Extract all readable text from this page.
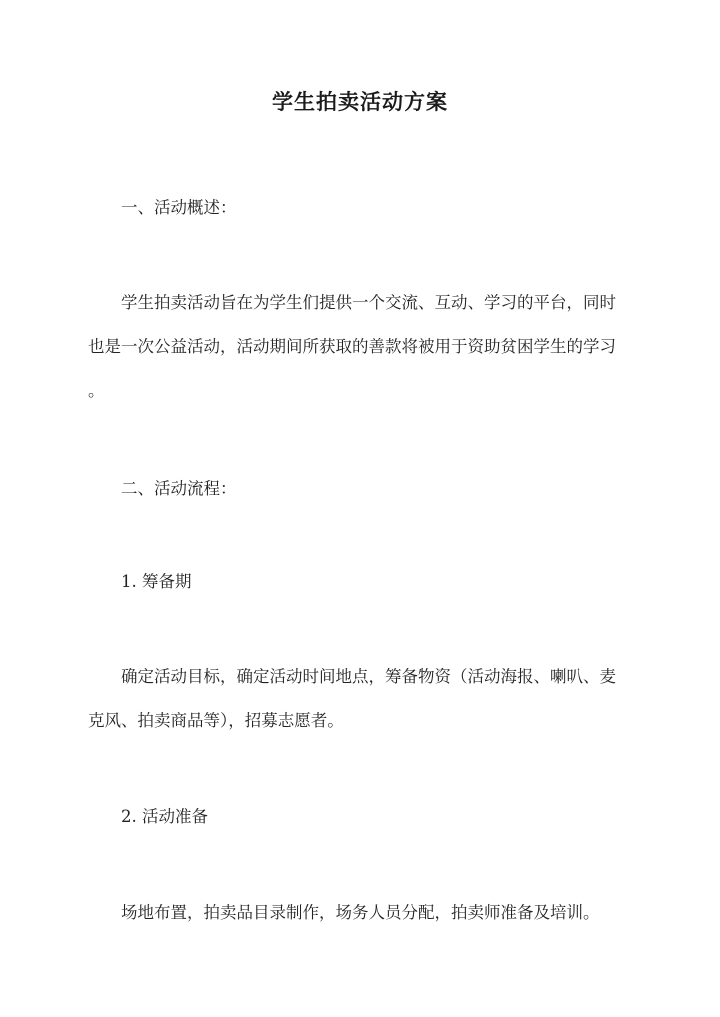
学生拍卖活动方案
一、活动概述：
学生拍卖活动旨在为学生们提供一个交流、互动、学习的平台，同时
也是一次公益活动，活动期间所获取的善款将被用于资助贫困学生的学习
。
二、活动流程：
1. 筹备期
确定活动目标，确定活动时间地点，筹备物资（活动海报、喇叭、麦
克风、拍卖商品等），招募志愿者。
2. 活动准备
场地布置，拍卖品目录制作，场务人员分配，拍卖师准备及培训。
